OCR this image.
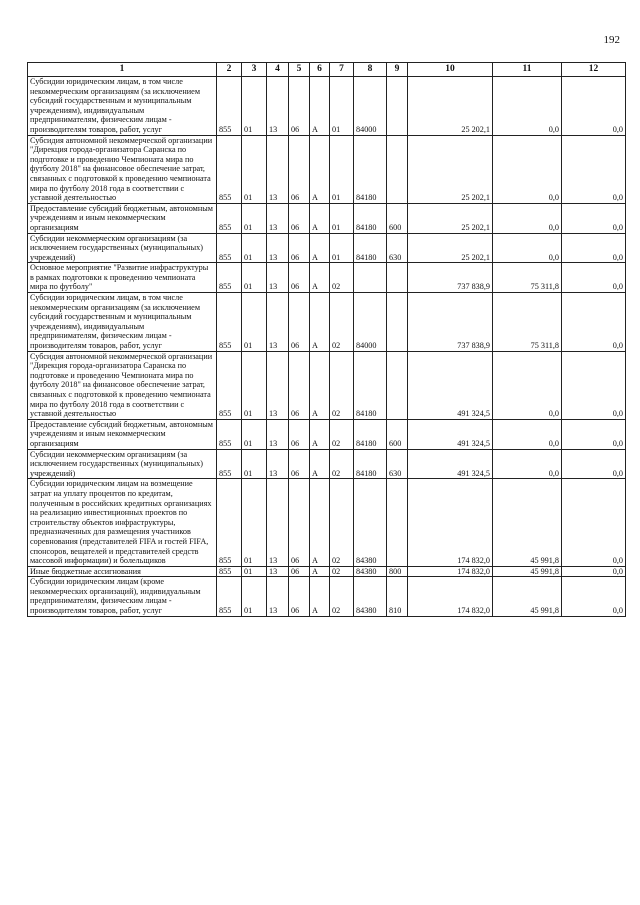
192
1	2	3	4	5	6	7	8	9	10	11	12
Субсидии юридическим лицам, в том числе некоммерческим организациям (за исключением субсидий государственным и муниципальным учреждениям), индивидуальным предпринимателям, физическим лицам - производителям товаров, работ, услуг	855	01	13	06	А	01	84000		25 202,1	0,0	0,0
Субсидия автономной некоммерческой организации "Дирекция города-организатора Саранска по подготовке и проведению Чемпионата мира по футболу 2018" на финансовое обеспечение затрат, связанных с подготовкой к проведению чемпионата мира по футболу 2018 года в соответствии с уставной деятельностью	855	01	13	06	А	01	84180		25 202,1	0,0	0,0
Предоставление субсидий бюджетным, автономным учреждениям и иным некоммерческим организациям	855	01	13	06	А	01	84180	600	25 202,1	0,0	0,0
Субсидии некоммерческим организациям (за исключением государственных (муниципальных) учреждений)	855	01	13	06	А	01	84180	630	25 202,1	0,0	0,0
Основное мероприятие "Развитие инфраструктуры в рамках подготовки к проведению чемпионата мира по футболу"	855	01	13	06	А	02			737 838,9	75 311,8	0,0
Субсидии юридическим лицам, в том числе некоммерческим организациям (за исключением субсидий государственным и муниципальным учреждениям), индивидуальным предпринимателям, физическим лицам - производителям товаров, работ, услуг	855	01	13	06	А	02	84000		737 838,9	75 311,8	0,0
Субсидия автономной некоммерческой организации "Дирекция города-организатора Саранска по подготовке и проведению Чемпионата мира по футболу 2018" на финансовое обеспечение затрат, связанных с подготовкой к проведению чемпионата мира по футболу 2018 года в соответствии с уставной деятельностью	855	01	13	06	А	02	84180		491 324,5	0,0	0,0
Предоставление субсидий бюджетным, автономным учреждениям и иным некоммерческим организациям	855	01	13	06	А	02	84180	600	491 324,5	0,0	0,0
Субсидии некоммерческим организациям (за исключением государственных (муниципальных) учреждений)	855	01	13	06	А	02	84180	630	491 324,5	0,0	0,0
Субсидии юридическим лицам на возмещение затрат на уплату процентов по кредитам, полученным в российских кредитных организациях на реализацию инвестиционных проектов по строительству объектов инфраструктуры, предназначенных для размещения участников соревнования (представителей FIFA и гостей FIFA, спонсоров, вещателей и представителей средств массовой информации) и болельщиков	855	01	13	06	А	02	84380		174 832,0	45 991,8	0,0
Иные бюджетные ассигнования	855	01	13	06	А	02	84380	800	174 832,0	45 991,8	0,0
Субсидии юридическим лицам (кроме некоммерческих организаций), индивидуальным предпринимателям, физическим лицам - производителям товаров, работ, услуг	855	01	13	06	А	02	84380	810	174 832,0	45 991,8	0,0
